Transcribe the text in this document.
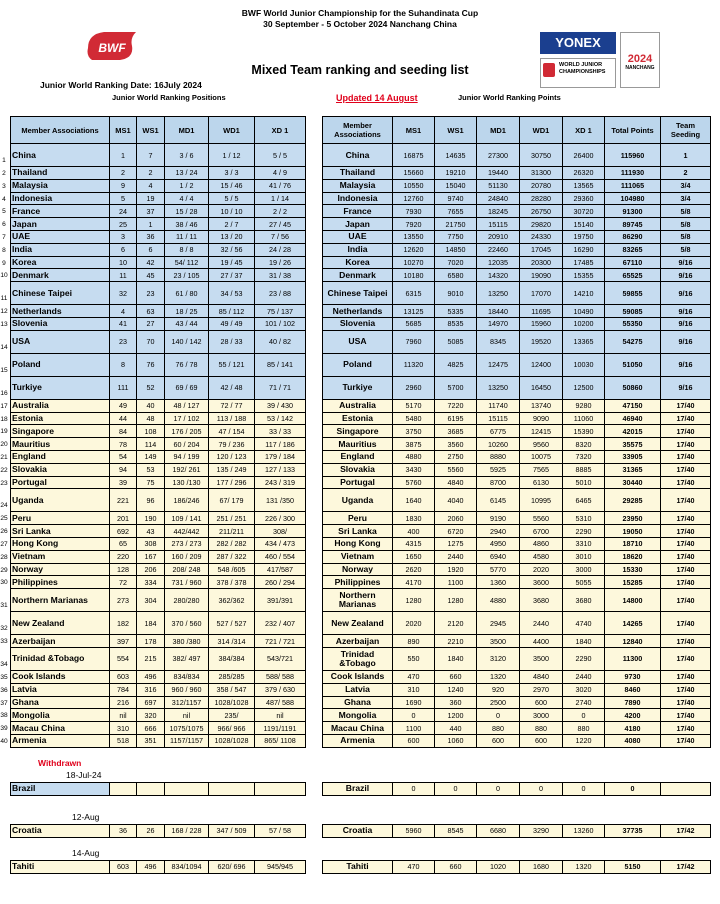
BWF World Junior Championship for the Suhandinata Cup
30 September - 5 October 2024 Nanchang China
BWF	YONEX
WORLD JUNIOR
CHAMPIONSHIPS
2024
NANCHANG
Mixed Team ranking and seeding list
Junior World Ranking Date: 16July 2024
Junior World Ranking Positions	Updated 14 August	Junior World Ranking Points
Member Associations	MS1	WS1	MD1	WD1	XD 1
China	1	7	3 / 6	1 / 12	5 / 5
Thailand	2	2	13 / 24	3 / 3	4 / 9
Malaysia	9	4	1 / 2	15 / 46	41 / 76
Indonesia	5	19	4 / 4	5 / 5	1 / 14
France	24	37	15 / 28	10 / 10	2 / 2
Japan	25	1	38 / 46	2 / 7	27 / 45
UAE	3	36	11 / 11	13 / 20	7 / 56
India	6	6	8 / 8	32 / 56	24 / 28
Korea	10	42	54/ 112	19 / 45	19 / 26
Denmark	11	45	23 / 105	27 / 37	31 / 38
Chinese Taipei	32	23	61 / 80	34 / 53	23 / 88
Netherlands	4	63	18 / 25	85 / 112	75 / 137
Slovenia	41	27	43 / 44	49 / 49	101 / 102
USA	23	70	140 / 142	28 / 33	40 / 82
Poland	8	76	76 / 78	55 / 121	85 / 141
Turkiye	111	52	69 / 69	42 / 48	71 / 71
Australia	49	40	48 / 127	72 / 77	39 / 430
Estonia	44	48	17 / 102	113 / 188	53 / 142
Singapore	84	108	176 / 205	47 / 154	33 / 33
Mauritius	78	114	60 / 204	79 / 236	117 / 186
England	54	149	94 / 199	120 / 123	179 / 184
Slovakia	94	53	192/ 261	135 / 249	127 / 133
Portugal	39	75	130 /130	177 / 296	243 / 319
Uganda	221	96	186/246	67/ 179	131 /350
Peru	201	190	109 / 141	251 / 251	226 / 300
Sri Lanka	692	43	442/442	211/211	308/
Hong Kong	65	308	273 / 273	282 / 282	434 / 473
Vietnam	220	167	160 / 209	287 / 322	460 / 554
Norway	128	206	208/ 248	548 /605	417/587
Philippines	72	334	731 / 960	378 / 378	260 / 294
Northern Marianas	273	304	280/280	362/362	391/391
New Zealand	182	184	370 / 560	527 / 527	232 / 407
Azerbaijan	397	178	380 /380	314 /314	721 / 721
Trinidad &Tobago	554	215	382/ 497	384/384	543/721
Cook Islands	603	496	834/834	285/285	588/ 588
Latvia	784	316	960 / 960	358 / 547	379 / 630
Ghana	216	697	312/1157	1028/1028	487/ 588
Mongolia	nil	320	nil	235/	nil
Macau China	310	666	1075/1075	966/ 966	1191/1191
Armenia	518	351	1157/1157	1028/1028	865/ 1108
Member Associations	MS1	WS1	MD1	WD1	XD 1	Total Points	Team Seeding
China	16875	14635	27300	30750	26400	115960	1
Thailand	15660	19210	19440	31300	26320	111930	2
Malaysia	10550	15040	51130	20780	13565	111065	3/4
Indonesia	12760	9740	24840	28280	29360	104980	3/4
France	7930	7655	18245	26750	30720	91300	5/8
Japan	7920	21750	15115	29820	15140	89745	5/8
UAE	13550	7750	20910	24330	19750	86290	5/8
India	12620	14850	22460	17045	16290	83265	5/8
Korea	10270	7020	12035	20300	17485	67110	9/16
Denmark	10180	6580	14320	19090	15355	65525	9/16
Chinese Taipei	6315	9010	13250	17070	14210	59855	9/16
Netherlands	13125	5335	18440	11695	10490	59085	9/16
Slovenia	5685	8535	14970	15960	10200	55350	9/16
USA	7960	5085	8345	19520	13365	54275	9/16
Poland	11320	4825	12475	12400	10030	51050	9/16
Turkiye	2960	5700	13250	16450	12500	50860	9/16
Australia	5170	7220	11740	13740	9280	47150	17/40
Estonia	5480	6195	15115	9090	11060	46940	17/40
Singapore	3750	3685	6775	12415	15390	42015	17/40
Mauritius	3875	3560	10260	9560	8320	35575	17/40
England	4880	2750	8880	10075	7320	33905	17/40
Slovakia	3430	5560	5925	7565	8885	31365	17/40
Portugal	5760	4840	8700	6130	5010	30440	17/40
Uganda	1640	4040	6145	10995	6465	29285	17/40
Peru	1830	2060	9190	5560	5310	23950	17/40
Sri Lanka	400	6720	2940	6700	2290	19050	17/40
Hong Kong	4315	1275	4950	4860	3310	18710	17/40
Vietnam	1650	2440	6940	4580	3010	18620	17/40
Norway	2620	1920	5770	2020	3000	15330	17/40
Philippines	4170	1100	1360	3600	5055	15285	17/40
Northern Marianas	1280	1280	4880	3680	3680	14800	17/40
New Zealand	2020	2120	2945	2440	4740	14265	17/40
Azerbaijan	890	2210	3500	4400	1840	12840	17/40
Trinidad &Tobago	550	1840	3120	3500	2290	11300	17/40
Cook Islands	470	660	1320	4840	2440	9730	17/40
Latvia	310	1240	920	2970	3020	8460	17/40
Ghana	1690	360	2500	600	2740	7890	17/40
Mongolia	0	1200	0	3000	0	4200	17/40
Macau China	1100	440	880	880	880	4180	17/40
Armenia	600	1060	600	600	1220	4080	17/40
Withdrawn
18-Jul-24
Brazil						Brazil	0	0	0	0	0	0	
12-Aug
Croatia	36	26	168 / 228	347 / 509	57 / 58	Croatia	5960	8545	6680	3290	13260	37735	17/42
14-Aug
Tahiti	603	496	834/1094	620/ 696	945/945	Tahiti	470	660	1020	1680	1320	5150	17/42
1
2
3
4
5
6
7
8
9
10
11
12
13
14
15
16
17
18
19
20
21
22
23
24
25
26
27
28
29
30
31
32
33
34
35
36
37
38
39
40
